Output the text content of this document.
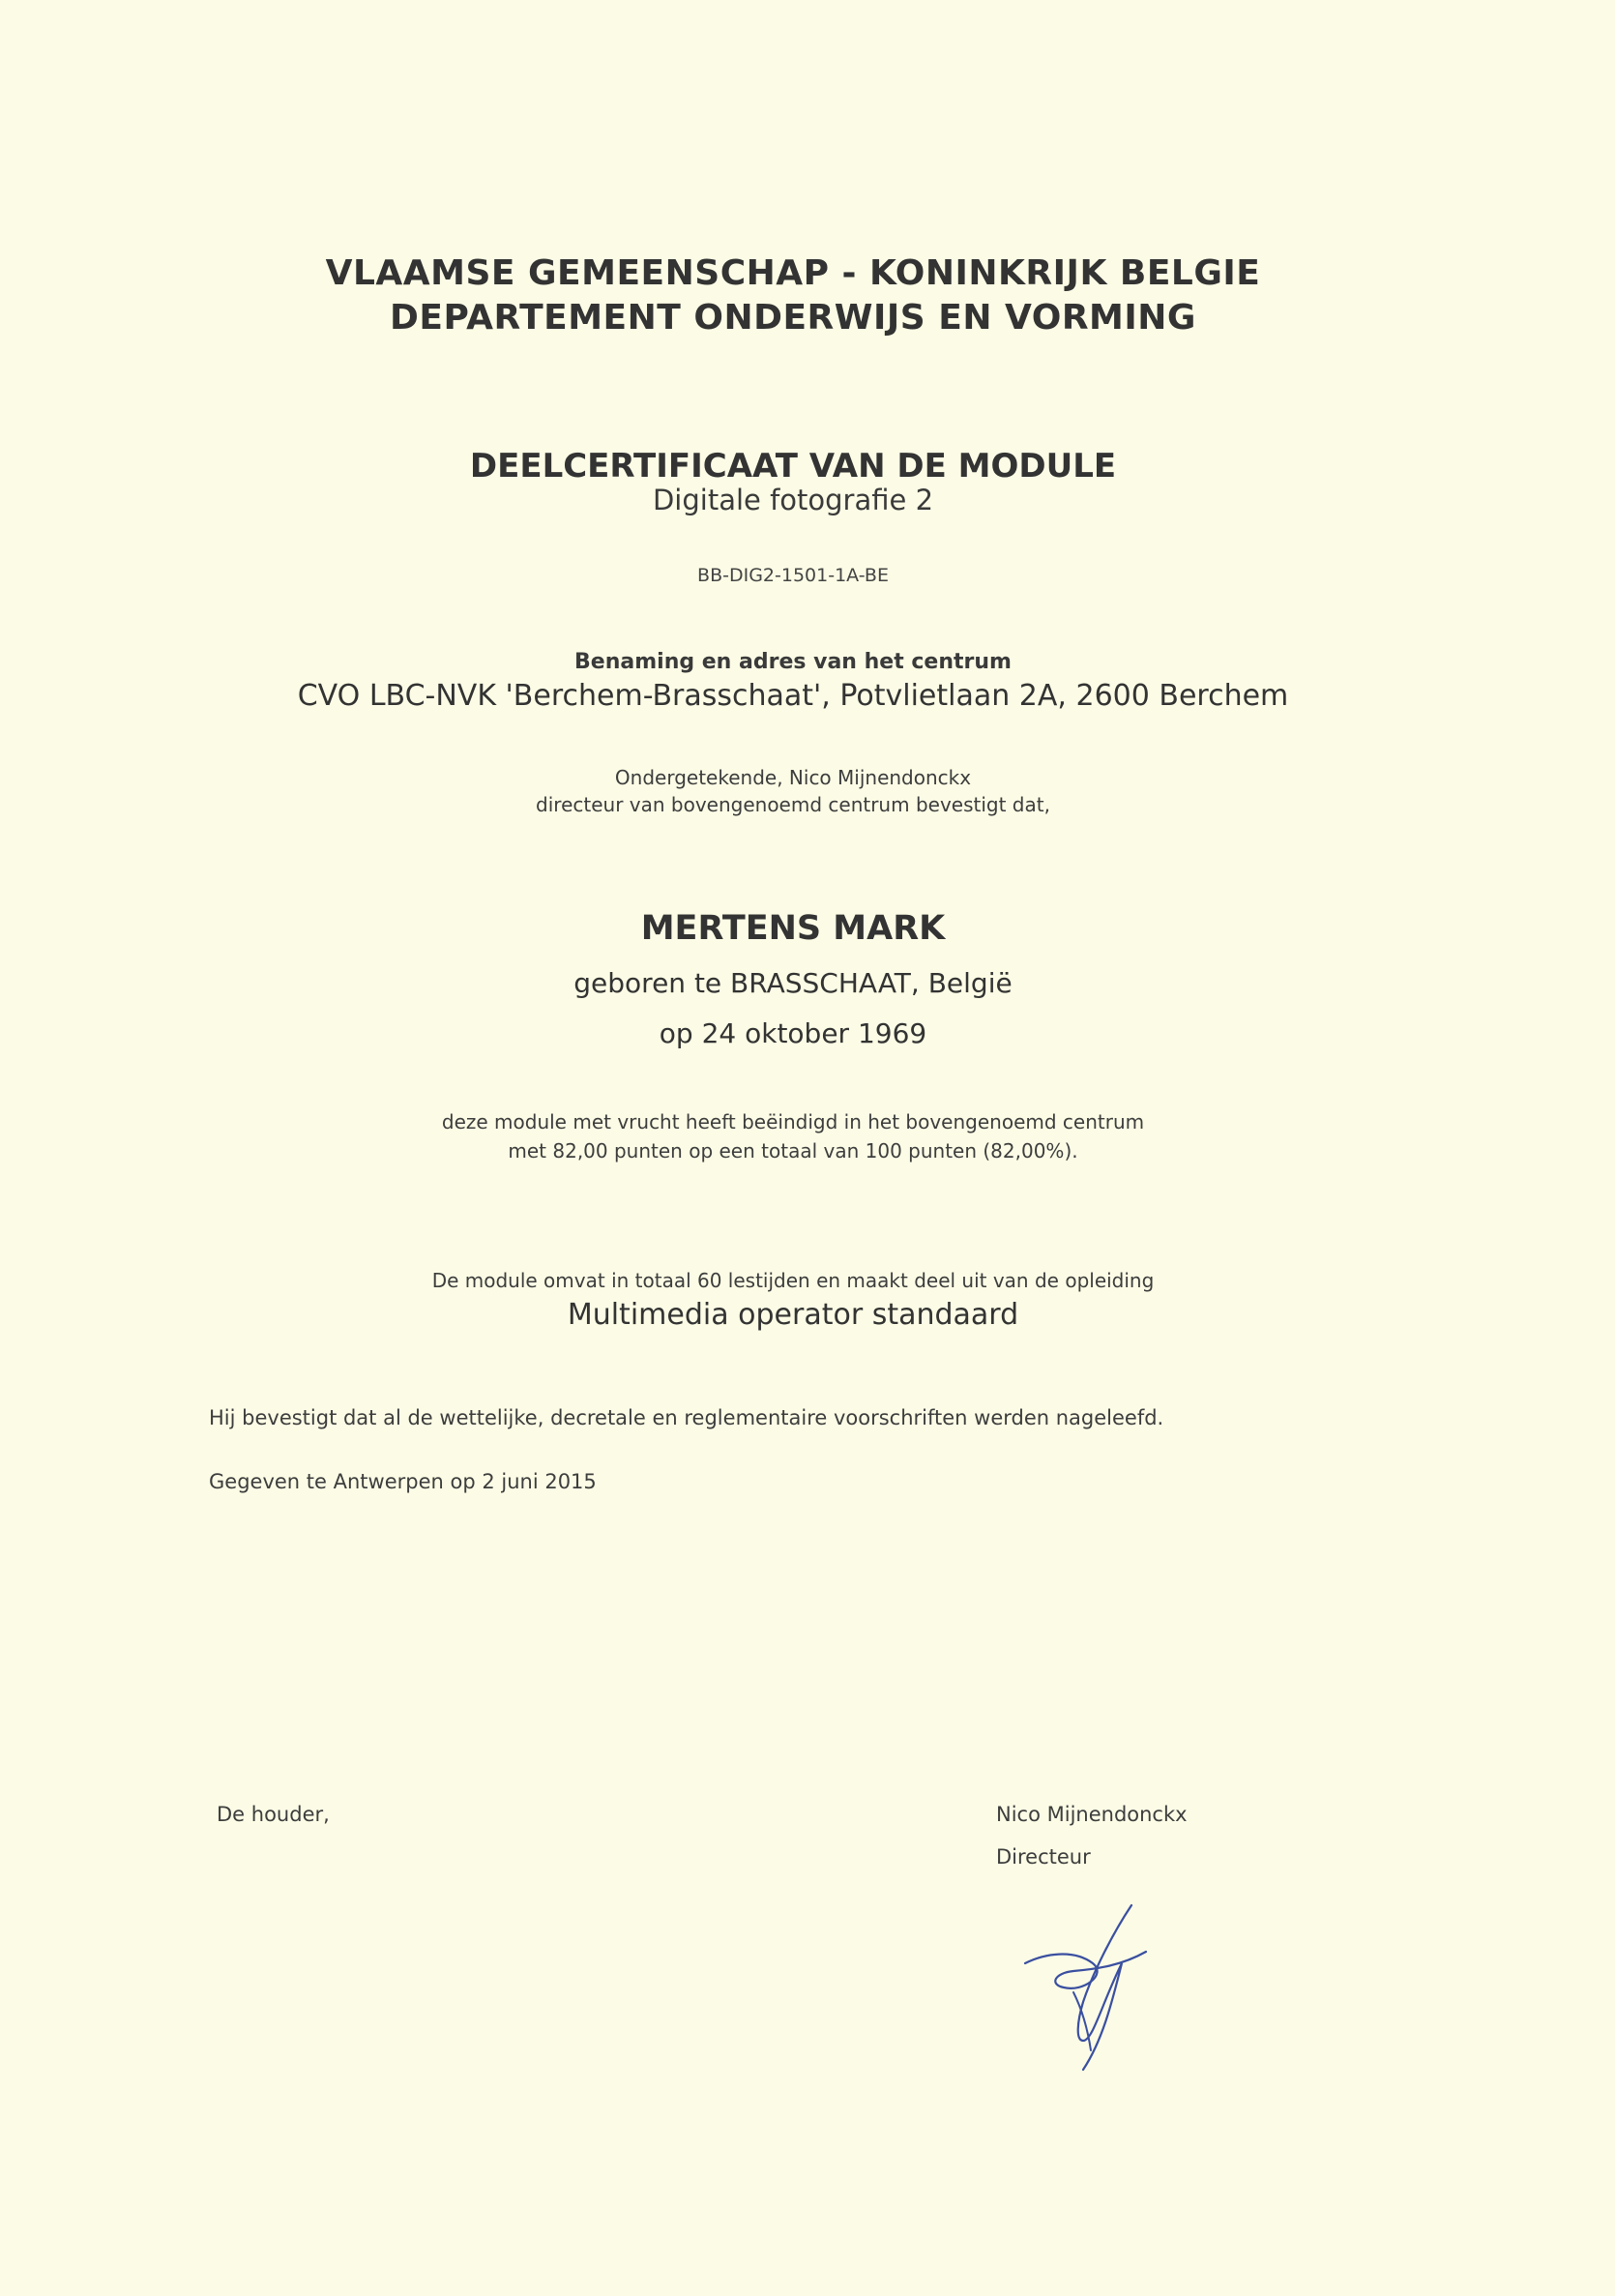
VLAAMSE GEMEENSCHAP - KONINKRIJK BELGIE
DEPARTEMENT ONDERWIJS EN VORMING
DEELCERTIFICAAT VAN DE MODULE
Digitale fotografie 2
BB-DIG2-1501-1A-BE
Benaming en adres van het centrum
CVO LBC-NVK 'Berchem-Brasschaat', Potvlietlaan 2A, 2600 Berchem
Ondergetekende, Nico Mijnendonckx
directeur van bovengenoemd centrum bevestigt dat,
MERTENS MARK
geboren te BRASSCHAAT, België
op 24 oktober 1969
deze module met vrucht heeft beëindigd in het bovengenoemd centrum
met 82,00 punten op een totaal van 100 punten (82,00%).
De module omvat in totaal 60 lestijden en maakt deel uit van de opleiding
Multimedia operator standaard
Hij bevestigt dat al de wettelijke, decretale en reglementaire voorschriften werden nageleefd.
Gegeven te Antwerpen op 2 juni 2015
De houder,	Nico Mijnendonckx
Directeur
